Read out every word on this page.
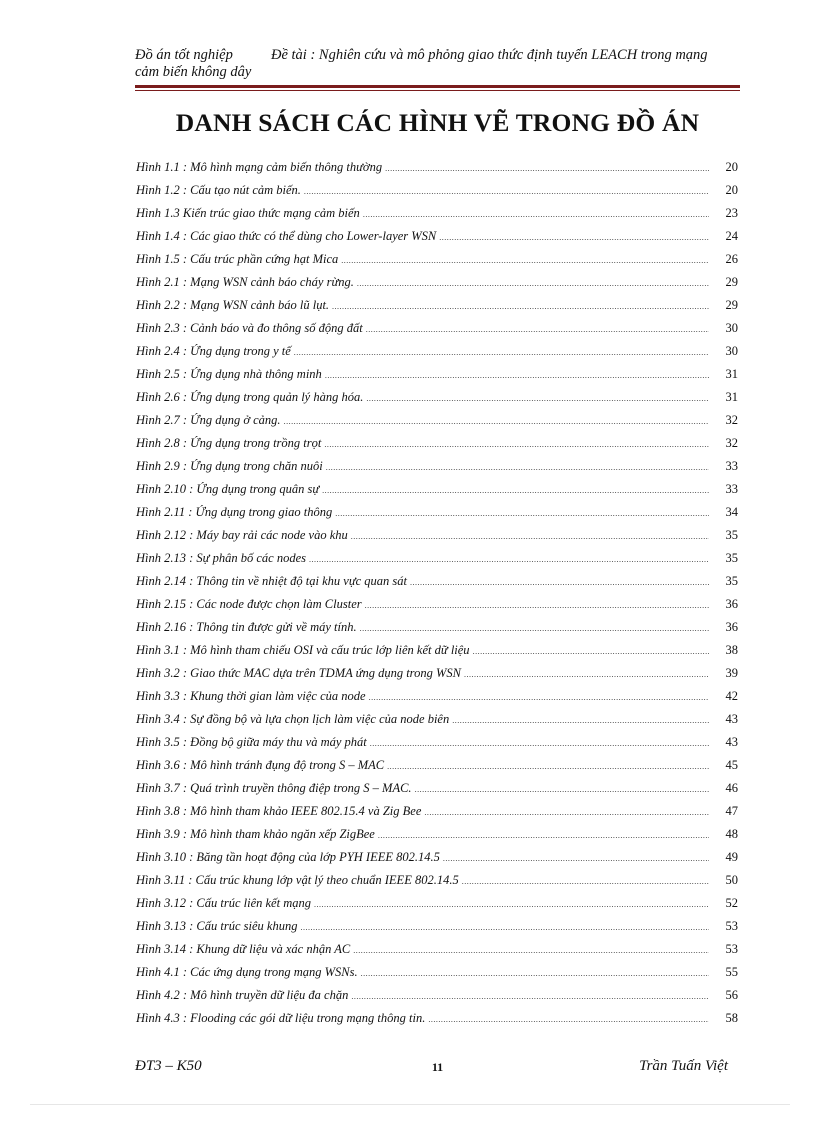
Đồ án tốt nghiệp	Đề tài : Nghiên cứu và mô phỏng giao thức định tuyến LEACH trong mạng
cảm biến không dây
DANH SÁCH CÁC HÌNH VẼ TRONG ĐỒ ÁN
Hình 1.1 : Mô hình mạng cảm biến thông thường .....	20
Hình 1.2 : Cấu tạo nút cảm biến. .....	20
Hình 1.3 Kiến trúc giao thức mạng cảm biến .....	23
Hình 1.4 : Các giao thức có thể dùng cho Lower-layer WSN .....	24
Hình 1.5 : Cấu trúc phần cứng hạt Mica .....	26
Hình 2.1 : Mạng WSN cảnh báo cháy rừng. .....	29
Hình 2.2 : Mạng WSN cảnh báo lũ lụt. .....	29
Hình 2.3 : Cảnh báo và đo thông số động đất .....	30
Hình 2.4 : Ứng dụng trong y tế .....	30
Hình 2.5 : Ứng dụng nhà thông minh .....	31
Hình 2.6 : Ứng dụng trong quản lý hàng hóa. .....	31
Hình 2.7 : Ứng dụng ở cảng. .....	32
Hình 2.8 : Ứng dụng trong trồng trọt .....	32
Hình 2.9 : Ứng dụng trong chăn nuôi .....	33
Hình 2.10 : Ứng dụng trong quân sự .....	33
Hình 2.11 : Ứng dụng trong giao thông .....	34
Hình 2.12 : Máy bay rải các node vào khu .....	35
Hình 2.13 : Sự phân bố các nodes .....	35
Hình 2.14 : Thông tin về nhiệt độ tại khu vực quan sát .....	35
Hình 2.15 : Các node được chọn làm Cluster .....	36
Hình 2.16 : Thông tin được gửi về máy tính. .....	36
Hình 3.1 : Mô hình tham chiếu OSI và cấu trúc lớp liên kết dữ liệu .....	38
Hình 3.2 : Giao thức MAC dựa trên TDMA ứng dụng trong WSN .....	39
Hình 3.3 : Khung thời gian làm việc của node .....	42
Hình 3.4 : Sự đồng bộ và lựa chọn lịch làm việc của node biên .....	43
Hình 3.5 : Đồng bộ giữa máy thu và máy phát .....	43
Hình 3.6 : Mô hình tránh đụng độ trong S – MAC .....	45
Hình 3.7 : Quá trình truyền thông điệp trong S – MAC. .....	46
Hình 3.8 : Mô hình tham khảo IEEE 802.15.4 và Zig Bee .....	47
Hình 3.9 : Mô hình tham khảo ngăn xếp ZigBee .....	48
Hình 3.10 : Băng tần hoạt động của lớp PYH IEEE 802.14.5 .....	49
Hình 3.11 : Cấu trúc khung lớp vật lý theo chuẩn IEEE 802.14.5 .....	50
Hình 3.12 : Cấu trúc liên kết mạng .....	52
Hình 3.13 : Cấu trúc siêu khung .....	53
Hình 3.14 : Khung dữ liệu và xác nhận AC .....	53
Hình 4.1 : Các ứng dụng trong mạng WSNs. .....	55
Hình 4.2 : Mô hình truyền dữ liệu đa chặn .....	56
Hình 4.3 : Flooding các gói dữ liệu trong mạng thông tin. .....	58
ĐT3 – K50	11	Trần Tuấn Việt
